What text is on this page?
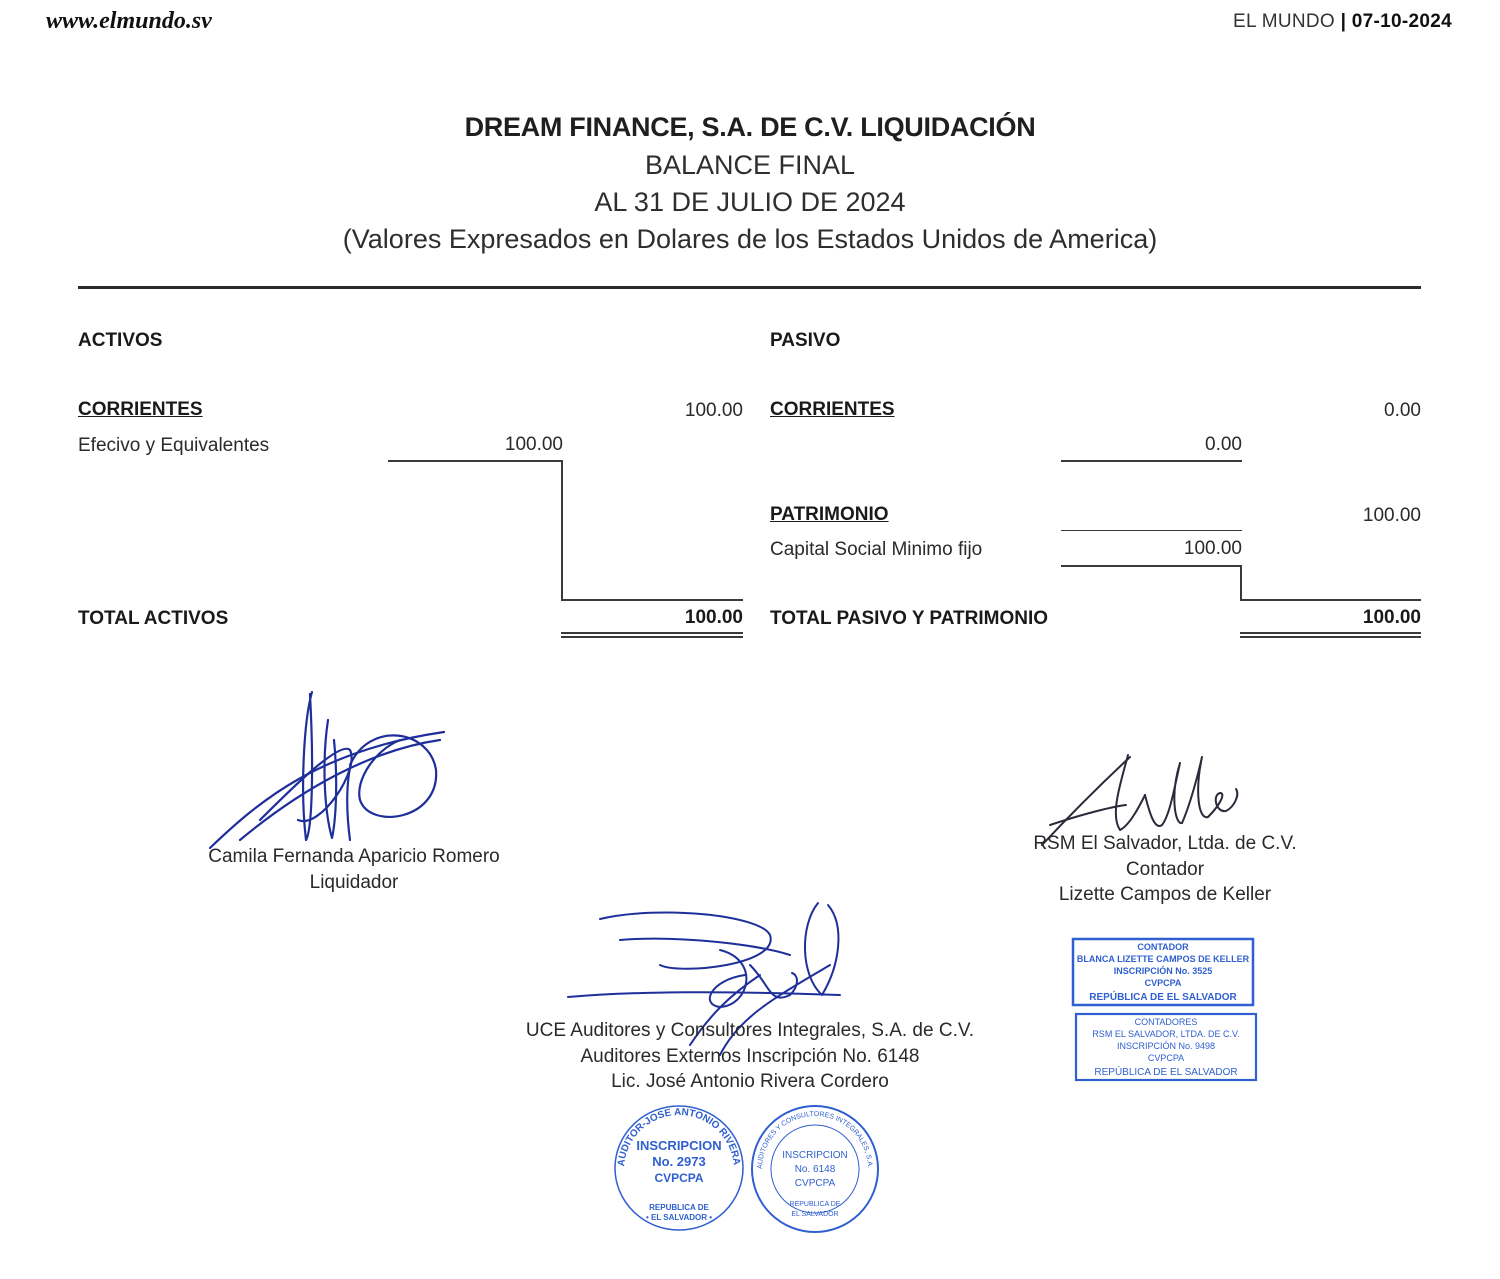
www.elmundo.sv	EL MUNDO | 07-10-2024
DREAM FINANCE, S.A. DE C.V. LIQUIDACIÓN
BALANCE FINAL
AL 31 DE JULIO DE 2024
(Valores Expresados en Dolares de los Estados Unidos de America)
ACTIVOS
CORRIENTES	100.00
Efecivo y Equivalentes	100.00
TOTAL ACTIVOS	100.00
PASIVO
CORRIENTES	0.00
0.00
PATRIMONIO	100.00
Capital Social Minimo fijo	100.00
TOTAL PASIVO Y PATRIMONIO	100.00
Camila Fernanda Aparicio Romero
Liquidador
RSM El Salvador, Ltda. de C.V.
Contador
Lizette Campos de Keller
CONTADOR
BLANCA LIZETTE CAMPOS DE KELLER
INSCRIPCIÓN No. 3525
CVPCPA
REPÚBLICA DE EL SALVADOR
CONTADORES
RSM EL SALVADOR, LTDA. DE C.V.
INSCRIPCIÓN No. 9498
CVPCPA
REPÚBLICA DE EL SALVADOR
UCE Auditores y Consultores Integrales, S.A. de C.V.
Auditores Externos Inscripción No. 6148
Lic. José Antonio Rivera Cordero
AUDITOR-JOSE ANTONIO RIVERA CORDERO
INSCRIPCION
No. 2973
CVPCPA
REPUBLICA DE
• EL SALVADOR •
AUDITORES Y CONSULTORES INTEGRALES, S.A. DE C.V.
INSCRIPCION
No. 6148
CVPCPA
REPUBLICA DE
EL SALVADOR
